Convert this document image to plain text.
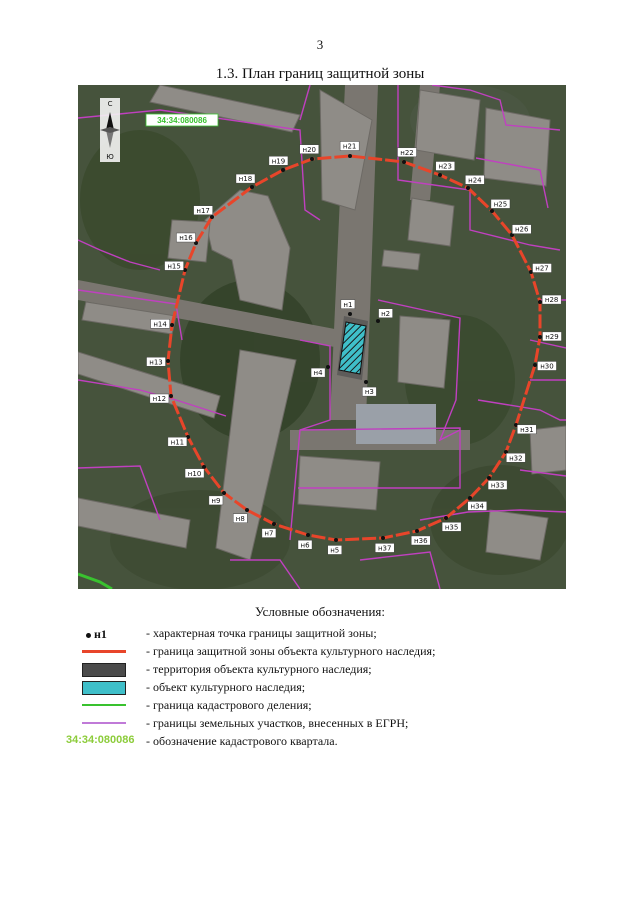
3
1.3. План границ защитной зоны
н1
н2
н3
н4
н5
н6
н7
н8
н9
н10
н11
н12
н13
н14
н15
н16
н17
н18
н19
н20	н21
н22
н23
н24
н25
н26
н27
н28
н29
н30
н31
н32
н33
н34
н35
н36
н37
С
Ю
34:34:080086
Условные обозначения:
н1	- характерная точка границы защитной зоны;
- граница защитной зоны объекта культурного наследия;
- территория объекта культурного наследия;
- объект культурного наследия;
- граница кадастрового деления;
- границы земельных участков, внесенных в ЕГРН;
34:34:080086 - обозначение кадастрового квартала.
